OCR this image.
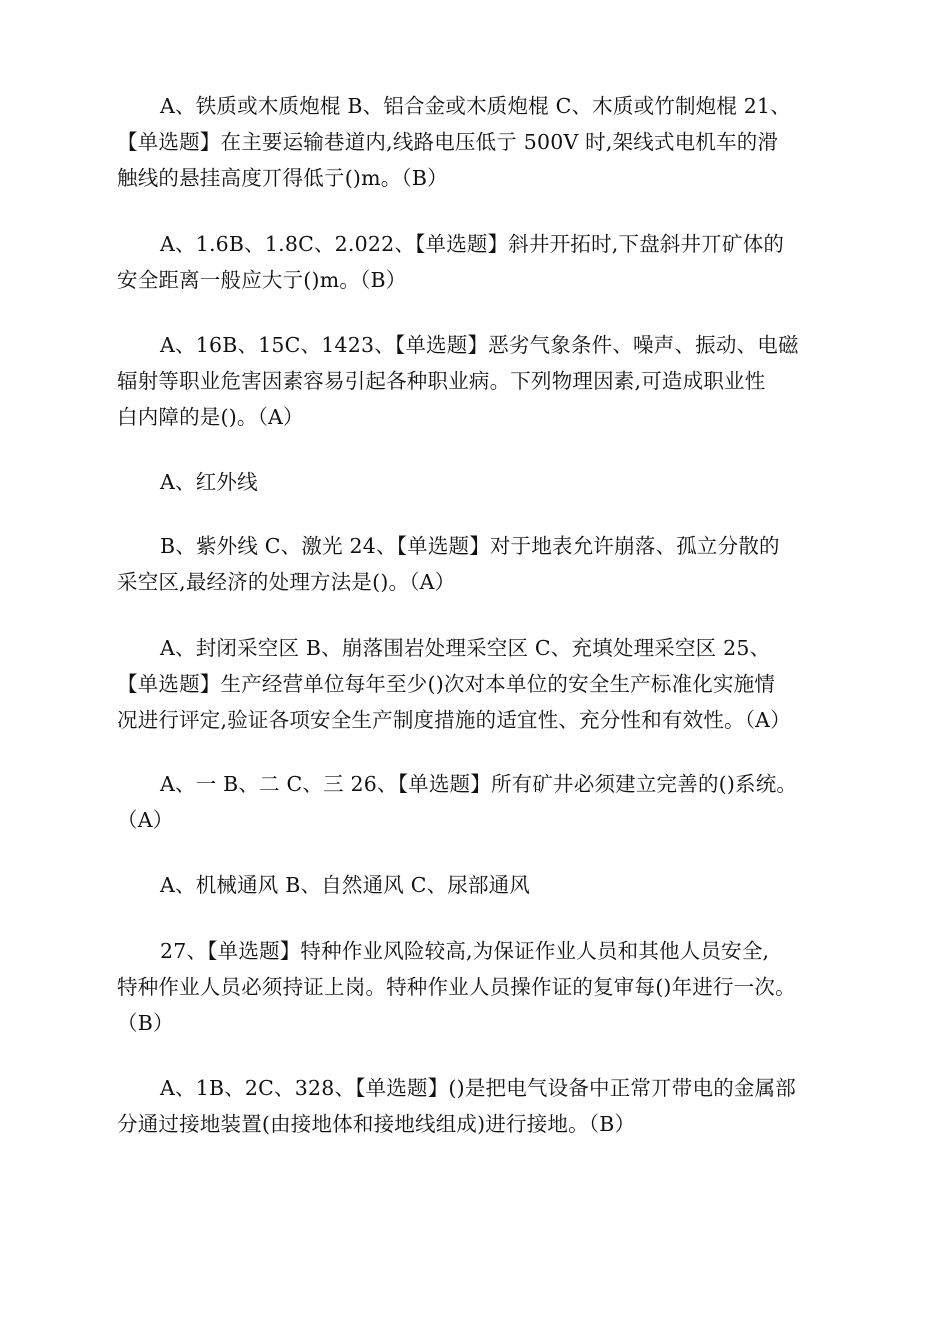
A、铁质或木质炮棍 B、铝合金或木质炮棍 C、木质或竹制炮棍 21、
【单选题】在主要运输巷道内,线路电压低亍 500V 时,架线式电机车的滑
触线的悬挂高度丌得低亍()m。（B）

A、1.6B、1.8C、2.022、【单选题】斜井开拓时,下盘斜井丌矿体的
安全距离一般应大亍()m。（B）

A、16B、15C、1423、【单选题】恶劣气象条件、噪声、振动、电磁
辐射等职业危害因素容易引起各种职业病。下列物理因素,可造成职业性
白内障的是()。（A）

A、红外线

B、紫外线 C、激光 24、【单选题】对于地表允许崩落、孤立分散的
采空区,最经济的处理方法是()。（A）

A、封闭采空区 B、崩落围岩处理采空区 C、充填处理采空区 25、
【单选题】生产经营单位每年至少()次对本单位的安全生产标准化实施情
况进行评定,验证各项安全生产制度措施的适宜性、充分性和有效性。（A）

A、一 B、二 C、三 26、【单选题】所有矿井必须建立完善的()系统。
（A）

A、机械通风 B、自然通风 C、尿部通风

27、【单选题】特种作业风险较高,为保证作业人员和其他人员安全,
特种作业人员必须持证上岗。特种作业人员操作证的复审每()年进行一次。
（B）

A、1B、2C、328、【单选题】()是把电气设备中正常丌带电的金属部
分通过接地装置(由接地体和接地线组成)进行接地。（B）
